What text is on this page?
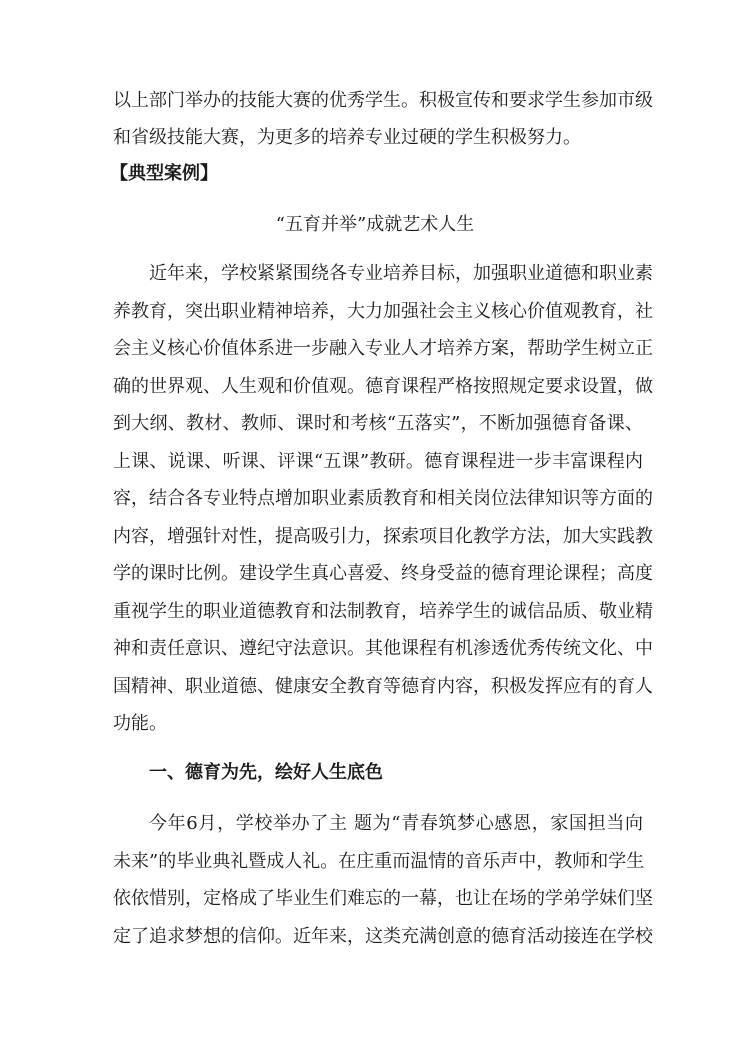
以上部门举办的技能大赛的优秀学生。积极宣传和要求学生参加市级
和省级技能大赛，为更多的培养专业过硬的学生积极努力。
【典型案例】
“五育并举”成就艺术人生
近年来，学校紧紧围绕各专业培养目标，加强职业道德和职业素
养教育，突出职业精神培养，大力加强社会主义核心价值观教育，社
会主义核心价值体系进一步融入专业人才培养方案，帮助学生树立正
确的世界观、人生观和价值观。德育课程严格按照规定要求设置，做
到大纲、教材、教师、课时和考核“五落实”，不断加强德育备课、
上课、说课、听课、评课“五课”教研。德育课程进一步丰富课程内
容，结合各专业特点增加职业素质教育和相关岗位法律知识等方面的
内容，增强针对性，提高吸引力，探索项目化教学方法，加大实践教
学的课时比例。建设学生真心喜爱、终身受益的德育理论课程；高度
重视学生的职业道德教育和法制教育，培养学生的诚信品质、敬业精
神和责任意识、遵纪守法意识。其他课程有机渗透优秀传统文化、中
国精神、职业道德、健康安全教育等德育内容，积极发挥应有的育人
功能。
一、德育为先，绘好人生底色
今年6月，学校举办了主 题为“青春筑梦心感恩，家国担当向
未来”的毕业典礼暨成人礼。在庄重而温情的音乐声中，教师和学生
依依惜别，定格成了毕业生们难忘的一幕，也让在场的学弟学妹们坚
定了追求梦想的信仰。近年来，这类充满创意的德育活动接连在学校
